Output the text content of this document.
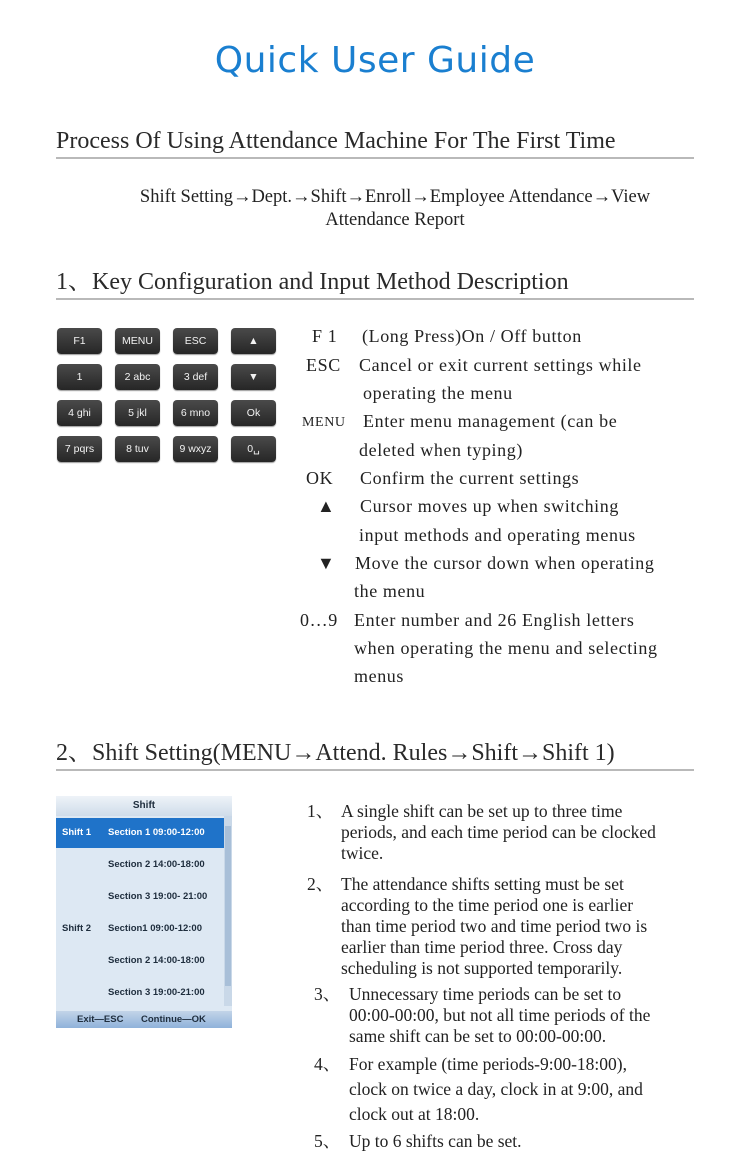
Quick User Guide
Process Of Using Attendance Machine For The First Time
Shift Setting→Dept.→Shift→Enroll→Employee Attendance→View
Attendance Report
1、Key Configuration and Input Method Description
F1	MENU	ESC	▲
1	2 abc	3 def	▼
4 ghi	5 jkl	6 mno	Ok
7 pqrs	8 tuv	9 wxyz	0␣
F 1 (Long Press)On / Off button
ESC Cancel or exit current settings while
operating the menu
MENU Enter menu management (can be
deleted when typing)
OK Confirm the current settings
▲ Cursor moves up when switching
input methods and operating menus
▼ Move the cursor down when operating
the menu
0…9 Enter number and 26 English letters
when operating the menu and selecting
menus
2、Shift Setting(MENU→Attend. Rules→Shift→Shift 1)
Shift
Shift 1 Section 1 09:00-12:00
Section 2 14:00-18:00
Section 3 19:00- 21:00
Shift 2 Section1 09:00-12:00
Section 2 14:00-18:00
Section 3 19:00-21:00
Exit—ESC Continue—OK
1、 A single shift can be set up to three time
periods, and each time period can be clocked
twice.
2、 The attendance shifts setting must be set
according to the time period one is earlier
than time period two and time period two is
earlier than time period three. Cross day
scheduling is not supported temporarily.
3、 Unnecessary time periods can be set to
00:00-00:00, but not all time periods of the
same shift can be set to 00:00-00:00.
4、 For example (time periods-9:00-18:00),
clock on twice a day, clock in at 9:00, and
clock out at 18:00.
5、 Up to 6 shifts can be set.
